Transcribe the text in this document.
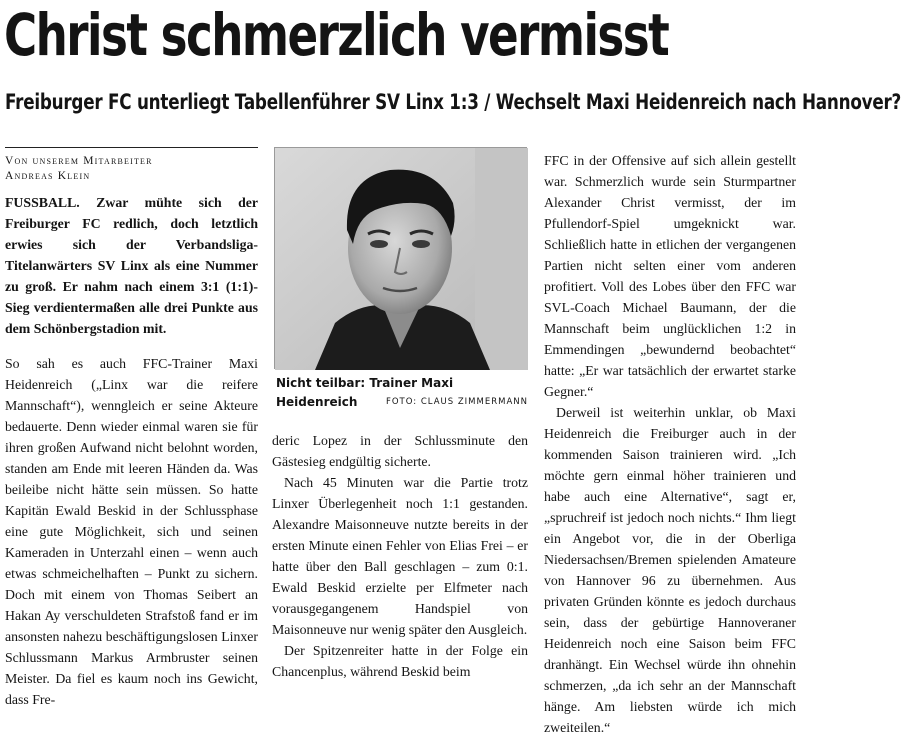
Christ schmerzlich vermisst
Freiburger FC unterliegt Tabellenführer SV Linx 1:3 / Wechselt Maxi Heidenreich nach Hannover?
Von unserem Mitarbeiter
Andreas Klein

FUSSBALL. Zwar mühte sich der Freiburger FC redlich, doch letztlich erwies sich der Verbandsliga-Titelanwärters SV Linx als eine Nummer zu groß. Er nahm nach einem 3:1 (1:1)-Sieg verdientermaßen alle drei Punkte aus dem Schönbergstadion mit.

So sah es auch FFC-Trainer Maxi Heidenreich („Linx war die reifere Mannschaft“), wenngleich er seine Akteure bedauerte. Denn wieder einmal waren sie für ihren großen Aufwand nicht belohnt worden, standen am Ende mit leeren Händen da. Was beileibe nicht hätte sein müssen. So hatte Kapitän Ewald Beskid in der Schlussphase eine gute Möglichkeit, sich und seinen Kameraden in Unterzahl einen – wenn auch etwas schmeichelhaften – Punkt zu sichern. Doch mit einem von Thomas Seibert an Hakan Ay verschuldeten Strafstoß fand er im ansonsten nahezu beschäftigungslosen Linxer Schlussmann Markus Armbruster seinen Meister. Da fiel es kaum noch ins Gewicht, dass Fre-

Nicht teilbar: Trainer Maxi Heidenreich	FOTO: CLAUS ZIMMERMANN

deric Lopez in der Schlussminute den Gästesieg endgültig sicherte.

Nach 45 Minuten war die Partie trotz Linxer Überlegenheit noch 1:1 gestanden. Alexandre Maisonneuve nutzte bereits in der ersten Minute einen Fehler von Elias Frei – er hatte über den Ball geschlagen – zum 0:1. Ewald Beskid erzielte per Elfmeter nach vorausgegangenem Handspiel von Maisonneuve nur wenig später den Ausgleich.

Der Spitzenreiter hatte in der Folge ein Chancenplus, während Beskid beim

FFC in der Offensive auf sich allein gestellt war. Schmerzlich wurde sein Sturmpartner Alexander Christ vermisst, der im Pfullendorf-Spiel umgeknickt war. Schließlich hatte in etlichen der vergangenen Partien nicht selten einer vom anderen profitiert. Voll des Lobes über den FFC war SVL-Coach Michael Baumann, der die Mannschaft beim unglücklichen 1:2 in Emmendingen „bewundernd beobachtet“ hatte: „Er war tatsächlich der erwartet starke Gegner.“

Derweil ist weiterhin unklar, ob Maxi Heidenreich die Freiburger auch in der kommenden Saison trainieren wird. „Ich möchte gern einmal höher trainieren und habe auch eine Alternative“, sagt er, „spruchreif ist jedoch noch nichts.“ Ihm liegt ein Angebot vor, die in der Oberliga Niedersachsen/Bremen spielenden Amateure von Hannover 96 zu übernehmen. Aus privaten Gründen könnte es jedoch durchaus sein, dass der gebürtige Hannoveraner Heidenreich noch eine Saison beim FFC dranhängt. Ein Wechsel würde ihn ohnehin schmerzen, „da ich sehr an der Mannschaft hänge. Am liebsten würde ich mich zweiteilen.“
